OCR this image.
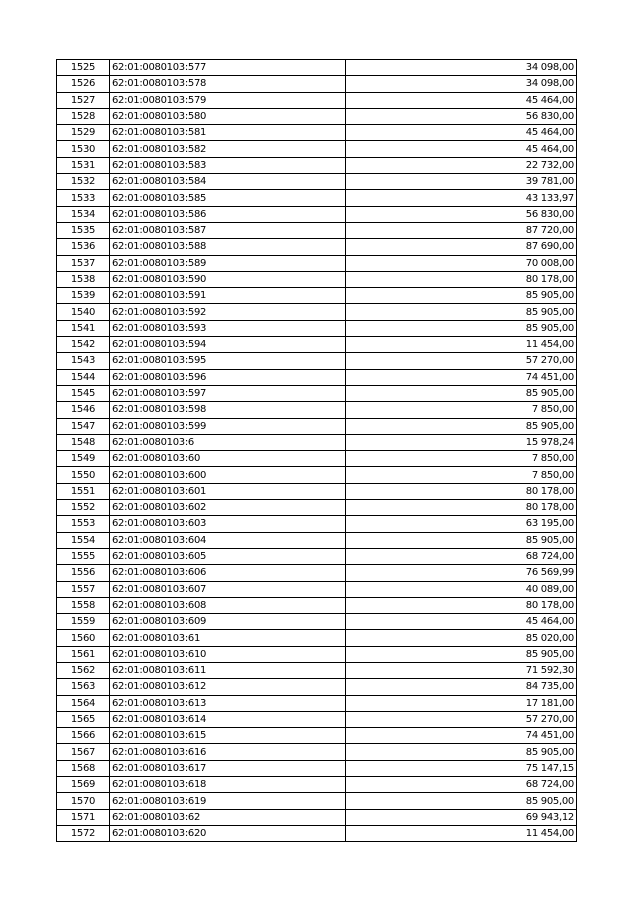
1525	62:01:0080103:577	34 098,00
1526	62:01:0080103:578	34 098,00
1527	62:01:0080103:579	45 464,00
1528	62:01:0080103:580	56 830,00
1529	62:01:0080103:581	45 464,00
1530	62:01:0080103:582	45 464,00
1531	62:01:0080103:583	22 732,00
1532	62:01:0080103:584	39 781,00
1533	62:01:0080103:585	43 133,97
1534	62:01:0080103:586	56 830,00
1535	62:01:0080103:587	87 720,00
1536	62:01:0080103:588	87 690,00
1537	62:01:0080103:589	70 008,00
1538	62:01:0080103:590	80 178,00
1539	62:01:0080103:591	85 905,00
1540	62:01:0080103:592	85 905,00
1541	62:01:0080103:593	85 905,00
1542	62:01:0080103:594	11 454,00
1543	62:01:0080103:595	57 270,00
1544	62:01:0080103:596	74 451,00
1545	62:01:0080103:597	85 905,00
1546	62:01:0080103:598	7 850,00
1547	62:01:0080103:599	85 905,00
1548	62:01:0080103:6	15 978,24
1549	62:01:0080103:60	7 850,00
1550	62:01:0080103:600	7 850,00
1551	62:01:0080103:601	80 178,00
1552	62:01:0080103:602	80 178,00
1553	62:01:0080103:603	63 195,00
1554	62:01:0080103:604	85 905,00
1555	62:01:0080103:605	68 724,00
1556	62:01:0080103:606	76 569,99
1557	62:01:0080103:607	40 089,00
1558	62:01:0080103:608	80 178,00
1559	62:01:0080103:609	45 464,00
1560	62:01:0080103:61	85 020,00
1561	62:01:0080103:610	85 905,00
1562	62:01:0080103:611	71 592,30
1563	62:01:0080103:612	84 735,00
1564	62:01:0080103:613	17 181,00
1565	62:01:0080103:614	57 270,00
1566	62:01:0080103:615	74 451,00
1567	62:01:0080103:616	85 905,00
1568	62:01:0080103:617	75 147,15
1569	62:01:0080103:618	68 724,00
1570	62:01:0080103:619	85 905,00
1571	62:01:0080103:62	69 943,12
1572	62:01:0080103:620	11 454,00
